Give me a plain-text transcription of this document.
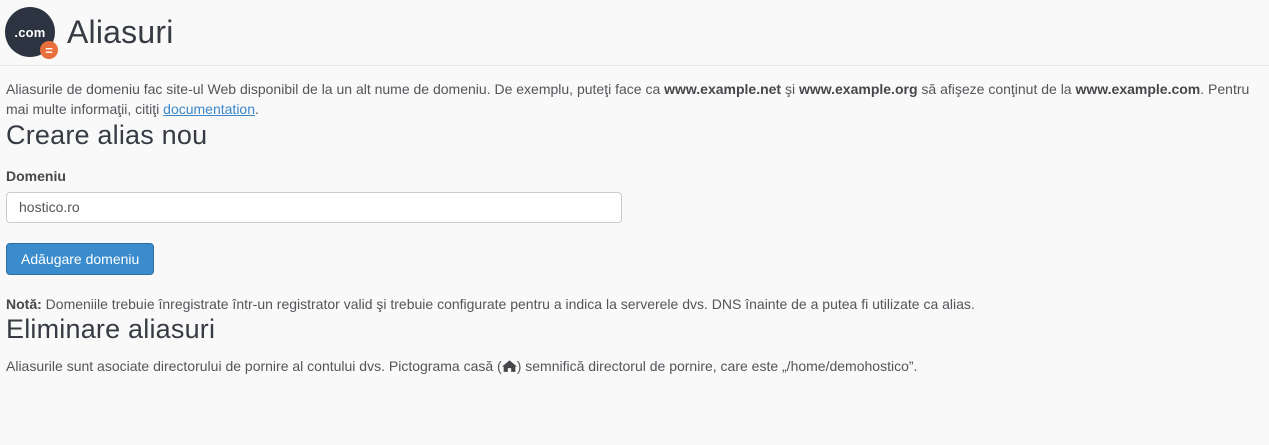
.com
=
Aliasuri

Aliasurile de domeniu fac site-ul Web disponibil de la un alt nume de domeniu. De exemplu, puteţi face ca www.example.net şi www.example.org să afişeze conţinut de la www.example.com. Pentru mai multe informaţii, citiţi documentation.

Creare alias nou
Domeniu
hostico.ro
Adăugare domeniu

Notă: Domeniile trebuie înregistrate într-un registrator valid şi trebuie configurate pentru a indica la serverele dvs. DNS înainte de a putea fi utilizate ca alias.

Eliminare aliasuri

Aliasurile sunt asociate directorului de pornire al contului dvs. Pictograma casă ( ) semnifică directorul de pornire, care este „/home/demohostico”.
